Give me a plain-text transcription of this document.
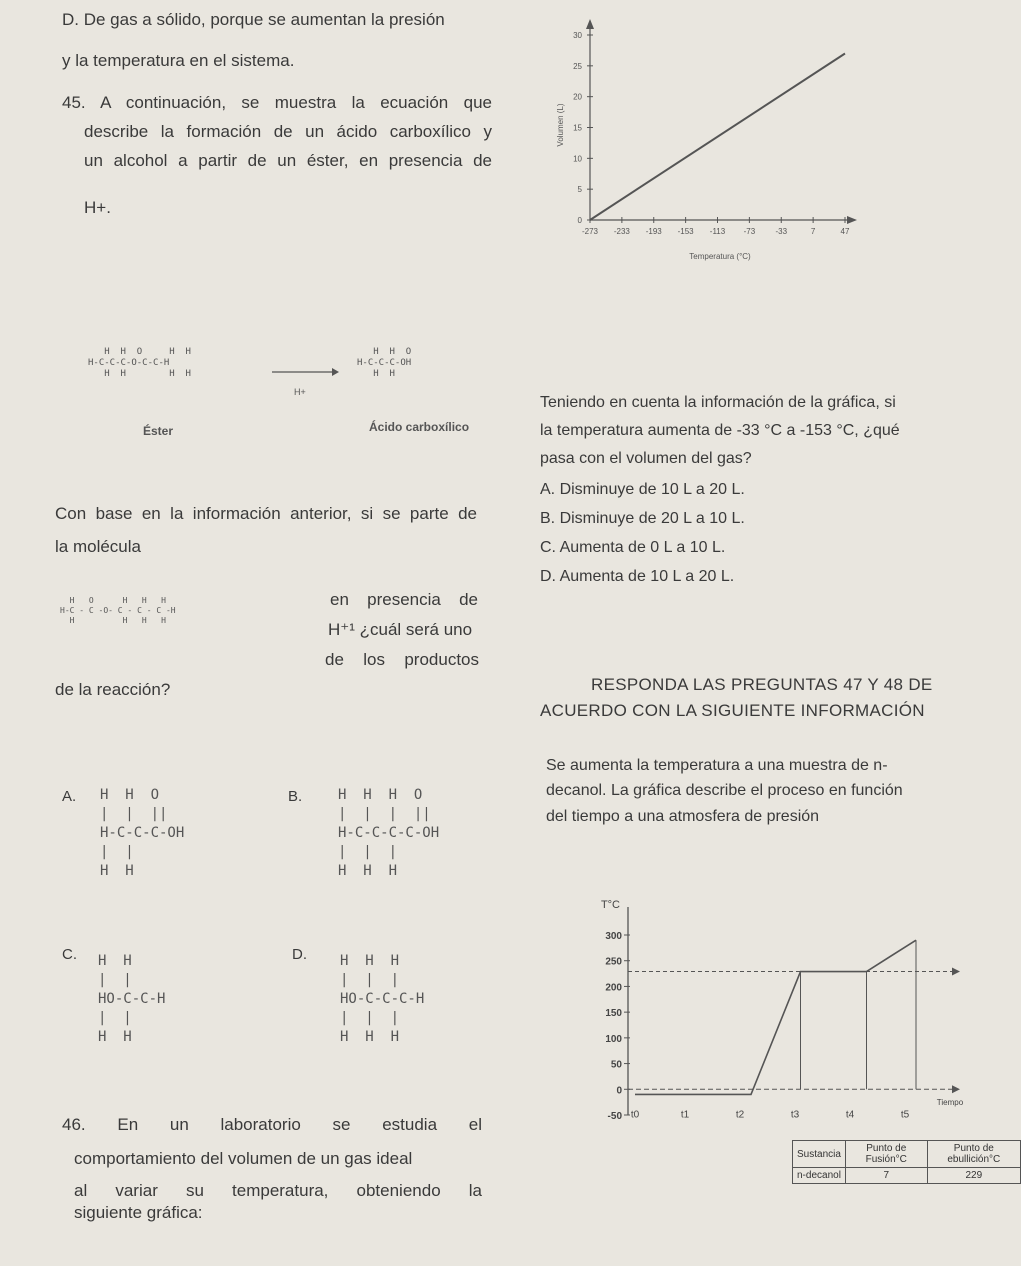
D. De gas a sólido, porque se aumentan la presión
y la temperatura en el sistema.
45. A continuación, se muestra la ecuación que
describe la formación de un ácido carboxílico y
un alcohol a partir de un éster, en presencia de
H+.
H  H  O     H  H
H-C-C-C-O-C-C-H
H  H        H  H
H+
H  H  O
H-C-C-C-OH
H  H
Éster	Ácido carboxílico
Con base en la información anterior, si se parte de
la molécula
H   O      H   H   H
H-C - C -O- C - C - C -H
H          H   H   H
en presencia de
H⁺¹ ¿cuál será uno
de los productos
de la reacción?
A. H  H  O
|  |  ||
H-C-C-C-OH
|  |
H  H
B.	H  H  H  O
|  |  |  ||
H-C-C-C-C-OH
|  |  |
H  H  H
C. H  H
|  |
HO-C-C-H
|  |
H  H
D. H  H  H
|  |  |
HO-C-C-C-H
|  |  |
H  H  H
46. En un laboratorio se estudia el
comportamiento del volumen de un gas ideal
al variar su temperatura, obteniendo la
siguiente gráfica:
Teniendo en cuenta la información de la gráfica, si
la temperatura aumenta de -33 °C a -153 °C, ¿qué
pasa con el volumen del gas?
A. Disminuye de 10 L a 20 L.
B. Disminuye de 20 L a 10 L.
C. Aumenta de 0 L a 10 L.
D. Aumenta de 10 L a 20 L.
RESPONDA LAS PREGUNTAS 47 Y 48 DE
ACUERDO CON LA SIGUIENTE INFORMACIÓN
Se aumenta la temperatura a una muestra de n-
decanol. La gráfica describe el proceso en función
del tiempo a una atmosfera de presión
0
5
10
15
20
25
30
-273 -233 -193 -153 -113 -73	-33	7	47
Temperatura (°C)
Volumen (L)
-50
0
50
100
150
200
250
300
t0	t1	t2	t3	t4	t5
T°C
Tiempo
Sustancia	Punto de Fusión°C	Punto de ebullición°C
n-decanol	7	229
